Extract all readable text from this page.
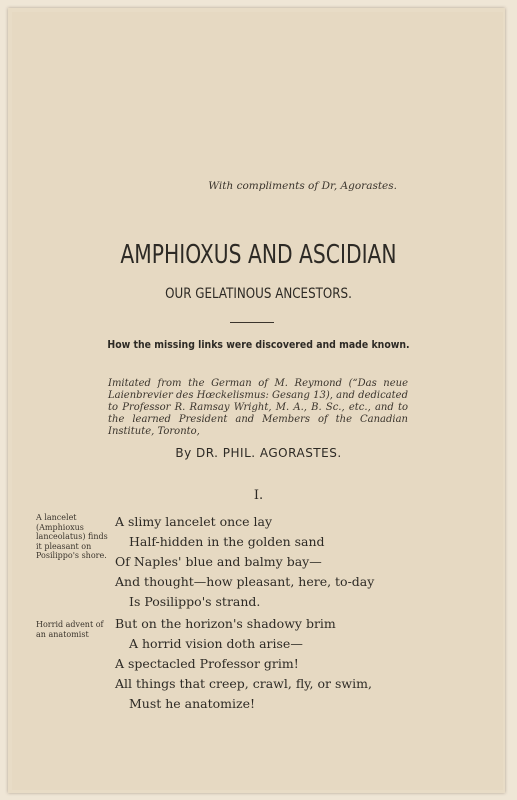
With compliments of Dr, Agorastes.
AMPHIOXUS AND ASCIDIAN
OUR GELATINOUS ANCESTORS.
How the missing links were discovered and made known.
Imitated from the German of M. Reymond (“Das neue Laienbrevier des Hœckelismus: Gesang 13), and dedicated to Professor R. Ramsay Wright, M. A., B. Sc., etc., and to the learned President and Members of the Canadian Institute, Toronto,
By DR. PHIL. AGORASTES.
I.
A lancelet (Amphioxus lanceolatus) finds it pleasant on Posilippo's shore.
Horrid advent of an anatomist
A slimy lancelet once lay
Half-hidden in the golden sand
Of Naples' blue and balmy bay—
And thought—how pleasant, here, to-day
Is Posilippo's strand.
But on the horizon's shadowy brim
A horrid vision doth arise—
A spectacled Professor grim!
All things that creep, crawl, fly, or swim,
Must he anatomize!
